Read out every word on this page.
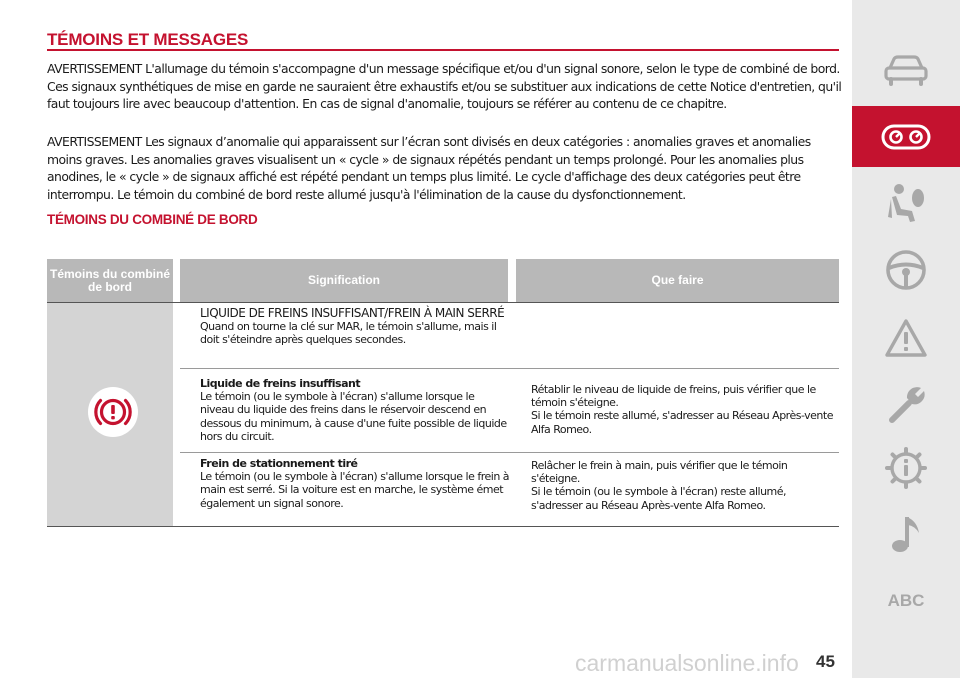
TÉMOINS ET MESSAGES

AVERTISSEMENT L'allumage du témoin s'accompagne d'un message spécifique et/ou d'un signal sonore, selon le type de combiné de bord. Ces signaux synthétiques de mise en garde ne sauraient être exhaustifs et/ou se substituer aux indications de cette Notice d'entretien, qu'il faut toujours lire avec beaucoup d'attention. En cas de signal d'anomalie, toujours se référer au contenu de ce chapitre.

AVERTISSEMENT Les signaux d’anomalie qui apparaissent sur l’écran sont divisés en deux catégories : anomalies graves et anomalies moins graves. Les anomalies graves visualisent un « cycle » de signaux répétés pendant un temps prolongé. Pour les anomalies plus anodines, le « cycle » de signaux affiché est répété pendant un temps plus limité. Le cycle d'affichage des deux catégories peut être interrompu. Le témoin du combiné de bord reste allumé jusqu'à l'élimination de la cause du dysfonctionnement.

TÉMOINS DU COMBINÉ DE BORD
Témoins du combiné de bord	Signification	Que faire
LIQUIDE DE FREINS INSUFFISANT/FREIN À MAIN SERRÉ
Quand on tourne la clé sur MAR, le témoin s'allume, mais il doit s'éteindre après quelques secondes.
Liquide de freins insuffisant
Le témoin (ou le symbole à l'écran) s'allume lorsque le niveau du liquide des freins dans le réservoir descend en dessous du minimum, à cause d'une fuite possible de liquide hors du circuit.
Rétablir le niveau de liquide de freins, puis vérifier que le témoin s'éteigne.
Si le témoin reste allumé, s'adresser au Réseau Après-vente Alfa Romeo.
Frein de stationnement tiré
Le témoin (ou le symbole à l'écran) s'allume lorsque le frein à main est serré. Si la voiture est en marche, le système émet également un signal sonore.
Relâcher le frein à main, puis vérifier que le témoin s'éteigne.
Si le témoin (ou le symbole à l'écran) reste allumé, s'adresser au Réseau Après-vente Alfa Romeo.
45
carmanualsonline.info
ABC
